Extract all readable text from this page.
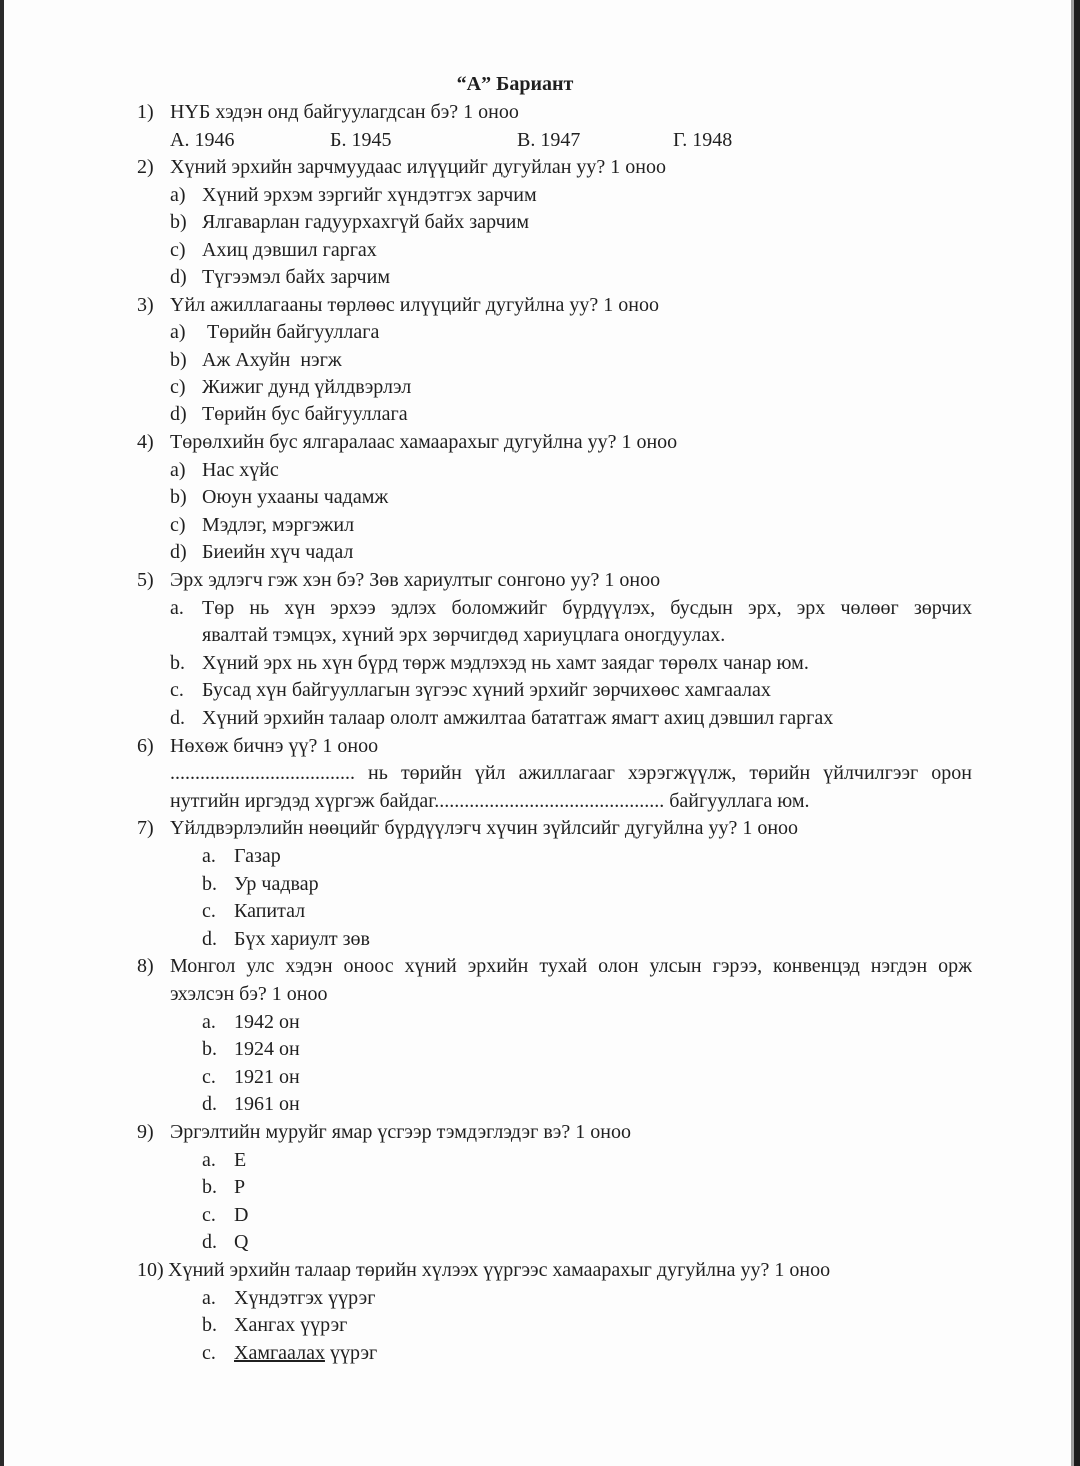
“А” Бариант
1) НҮБ хэдэн онд байгуулагдсан бэ? 1 оноо
А. 1946	Б. 1945	В. 1947	Г. 1948
2) Хүний эрхийн зарчмуудаас илүүцийг дугуйлан уу? 1 оноо
a) Хүний эрхэм зэргийг хүндэтгэх зарчим
b) Ялгаварлан гадуурхахгүй байх зарчим
c) Ахиц дэвшил гаргах
d) Түгээмэл байх зарчим
3) Үйл ажиллагааны төрлөөс илүүцийг дугуйлна уу? 1 оноо
a) Төрийн байгууллага
b) Аж Ахуйн  нэгж
c) Жижиг дунд үйлдвэрлэл
d) Төрийн бус байгууллага
4) Төрөлхийн бус ялгаралаас хамаарахыг дугуйлна уу? 1 оноо
a) Нас хүйс
b) Оюун ухааны чадамж
c) Мэдлэг, мэргэжил
d) Биеийн хүч чадал
5) Эрх эдлэгч гэж хэн бэ? Зөв хариултыг сонгоно уу? 1 оноо
a. Төр нь хүн эрхээ эдлэх боломжийг бүрдүүлэх, бусдын эрх, эрх чөлөөг зөрчих
явалтай тэмцэх, хүний эрх зөрчигдөд хариуцлага оногдуулах.
b. Хүний эрх нь хүн бүрд төрж мэдлэхэд нь хамт заядаг төрөлх чанар юм.
c. Бусад хүн байгууллагын зүгээс хүний эрхийг зөрчихөөс хамгаалах
d. Хүний эрхийн талаар ололт амжилтаа бататгаж ямагт ахиц дэвшил гаргах
6) Нөхөж бичнэ үү? 1 оноо
..................................... нь төрийн үйл ажиллагааг хэрэгжүүлж, төрийн үйлчилгээг орон
нутгийн иргэдэд хүргэж байдаг.............................................. байгууллага юм.
7) Үйлдвэрлэлийн нөөцийг бүрдүүлэгч хүчин зүйлсийг дугуйлна уу? 1 оноо
a. Газар
b. Ур чадвар
c. Капитал
d. Бүх хариулт зөв
8) Монгол улс хэдэн оноос хүний эрхийн тухай олон улсын гэрээ, конвенцэд нэгдэн орж
эхэлсэн бэ? 1 оноо
a. 1942 он
b. 1924 он
c. 1921 он
d. 1961 он
9) Эргэлтийн муруйг ямар үсгээр тэмдэглэдэг вэ? 1 оноо
a. E
b. P
c. D
d. Q
10) Хүний эрхийн талаар төрийн хүлээх үүргээс хамаарахыг дугуйлна уу? 1 оноо
a. Хүндэтгэх үүрэг
b. Хангах үүрэг
c. Хамгаалах үүрэг
